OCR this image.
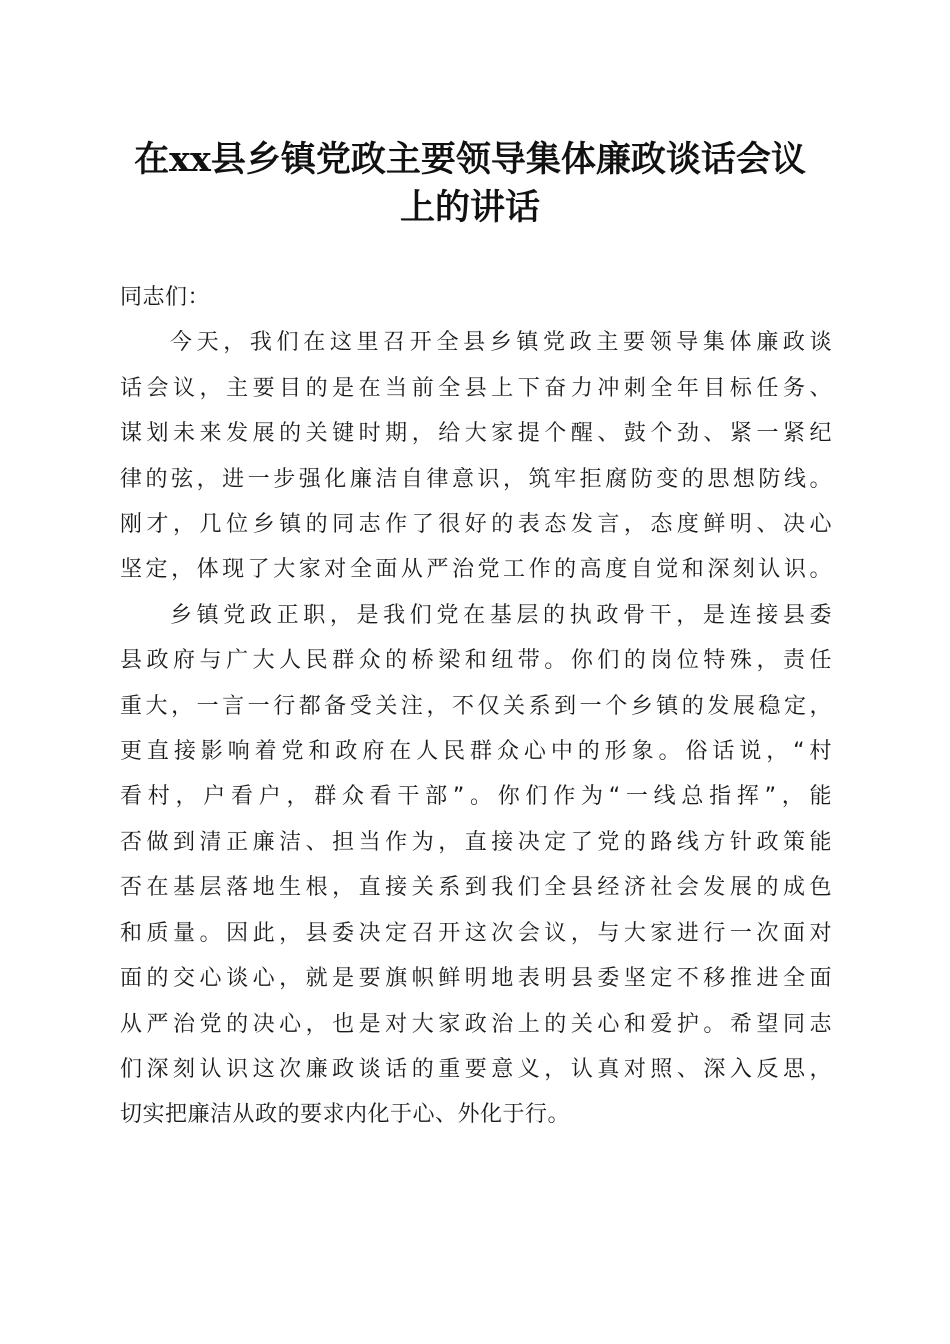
在xx县乡镇党政主要领导集体廉政谈话会议
上的讲话
同志们：
今天，我们在这里召开全县乡镇党政主要领导集体廉政谈
话会议，主要目的是在当前全县上下奋力冲刺全年目标任务、
谋划未来发展的关键时期，给大家提个醒、鼓个劲、紧一紧纪
律的弦，进一步强化廉洁自律意识，筑牢拒腐防变的思想防线。
刚才，几位乡镇的同志作了很好的表态发言，态度鲜明、决心
坚定，体现了大家对全面从严治党工作的高度自觉和深刻认识。
乡镇党政正职，是我们党在基层的执政骨干，是连接县委
县政府与广大人民群众的桥梁和纽带。你们的岗位特殊，责任
重大，一言一行都备受关注，不仅关系到一个乡镇的发展稳定，
更直接影响着党和政府在人民群众心中的形象。俗话说，“村
看村，户看户，群众看干部”。你们作为“一线总指挥”，能
否做到清正廉洁、担当作为，直接决定了党的路线方针政策能
否在基层落地生根，直接关系到我们全县经济社会发展的成色
和质量。因此，县委决定召开这次会议，与大家进行一次面对
面的交心谈心，就是要旗帜鲜明地表明县委坚定不移推进全面
从严治党的决心，也是对大家政治上的关心和爱护。希望同志
们深刻认识这次廉政谈话的重要意义，认真对照、深入反思，
切实把廉洁从政的要求内化于心、外化于行。
